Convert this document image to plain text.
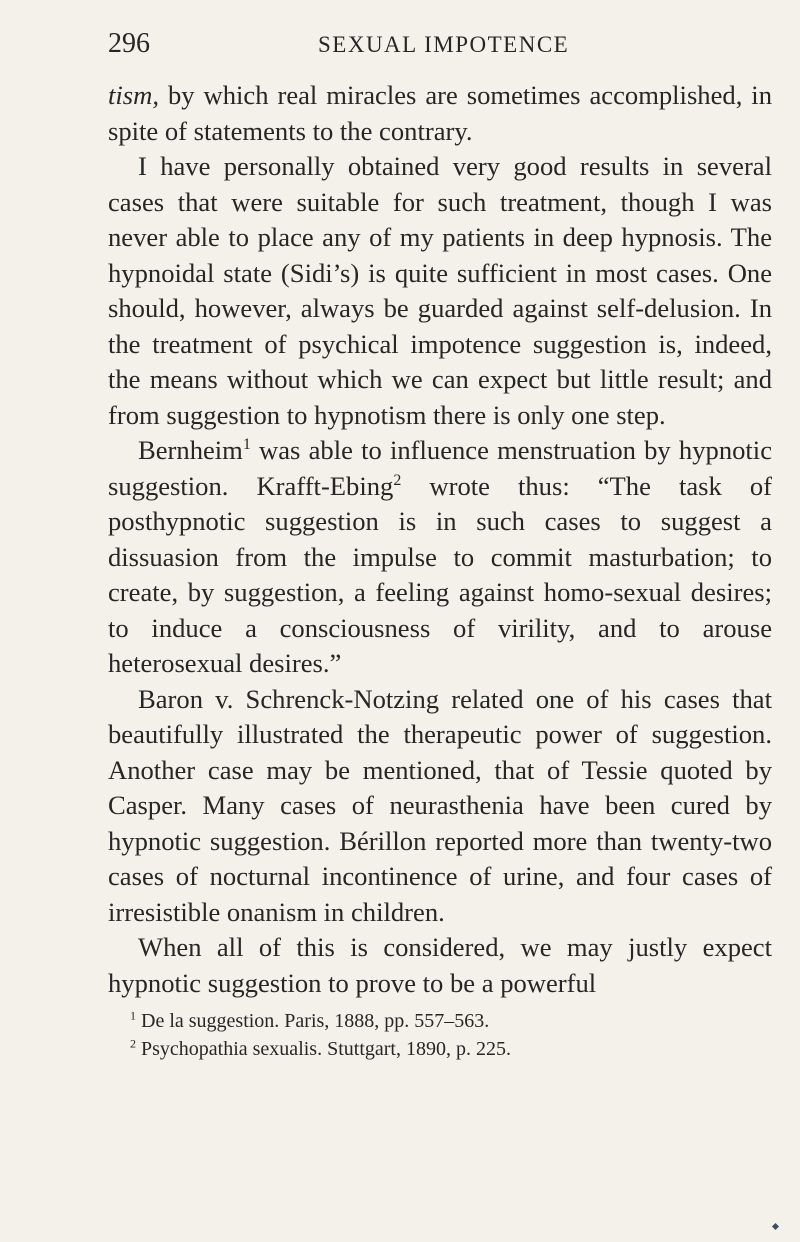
296	SEXUAL IMPOTENCE

tism, by which real miracles are sometimes accomplished, in spite of statements to the contrary.

I have personally obtained very good results in several cases that were suitable for such treatment, though I was never able to place any of my patients in deep hypnosis. The hypnoidal state (Sidi’s) is quite sufficient in most cases. One should, however, always be guarded against self-delusion. In the treatment of psychical impotence suggestion is, indeed, the means without which we can expect but little result; and from suggestion to hypnotism there is only one step.

Bernheim$^1$ was able to influence menstruation by hypnotic suggestion. Krafft-Ebing$^2$ wrote thus: “The task of posthypnotic suggestion is in such cases to suggest a dissuasion from the impulse to commit masturbation; to create, by suggestion, a feeling against homo-sexual desires; to induce a consciousness of virility, and to arouse heterosexual desires.”

Baron v. Schrenck-Notzing related one of his cases that beautifully illustrated the therapeutic power of suggestion. Another case may be mentioned, that of Tessie quoted by Casper. Many cases of neurasthenia have been cured by hypnotic suggestion. Bérillon reported more than twenty-two cases of nocturnal incontinence of urine, and four cases of irresistible onanism in children.

When all of this is considered, we may justly expect hypnotic suggestion to prove to be a powerful

$^1$ De la suggestion. Paris, 1888, pp. 557–563.
$^2$ Psychopathia sexualis. Stuttgart, 1890, p. 225.
